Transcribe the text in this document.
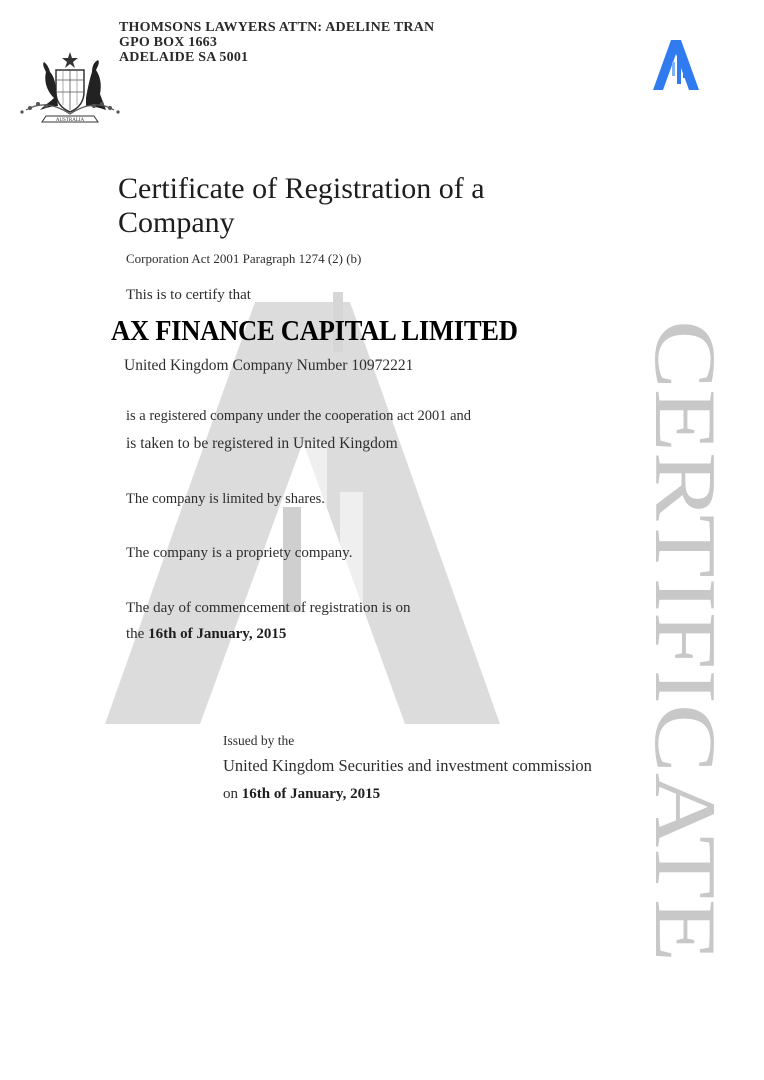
THOMSONS LAWYERS ATTN: ADELINE TRAN
GPO BOX 1663
ADELAIDE SA 5001
AUSTRALIA
CERTIFICATE
Certificate of Registration of a Company
Corporation Act 2001 Paragraph 1274 (2) (b)
This is to certify that
AX FINANCE CAPITAL LIMITED
United Kingdom Company Number 10972221
is a registered company under the cooperation act 2001 and
is taken to be registered in United Kingdom
The company is limited by shares.
The company is a propriety company.
The day of commencement of registration is on
the 16th of January, 2015
Issued by the
United Kingdom Securities and investment commission
on 16th of January, 2015
